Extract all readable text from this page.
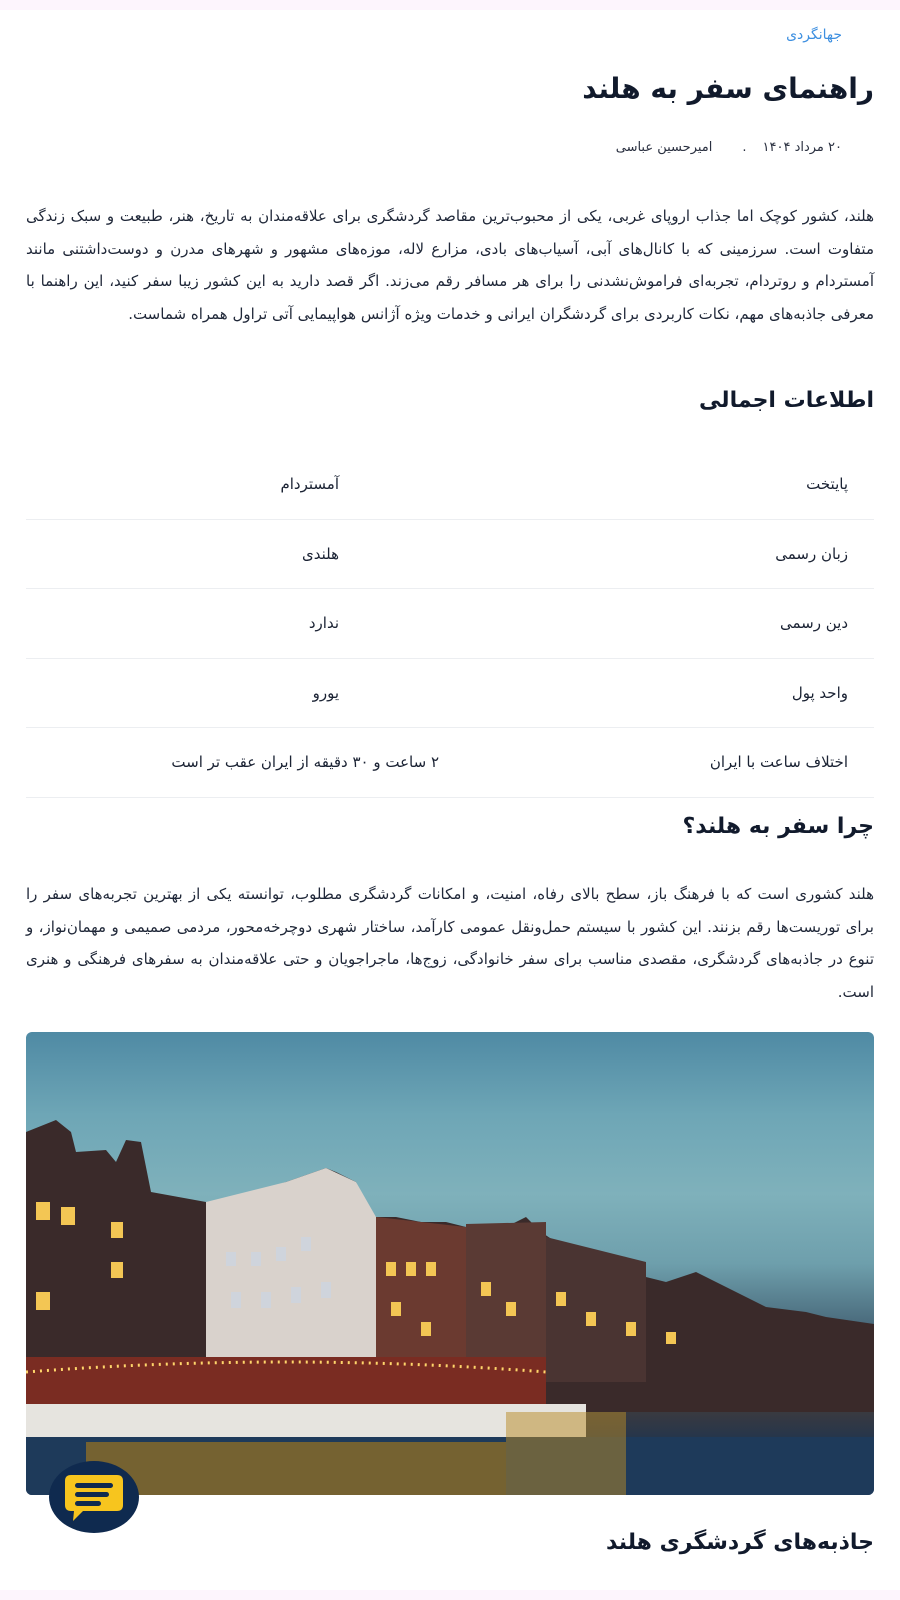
جهانگردی
راهنمای سفر به هلند
۲۰ مرداد ۱۴۰۴
.
امیرحسین عباسی

هلند، کشور کوچک اما جذاب اروپای غربی، یکی از محبوب‌ترین مقاصد گردشگری برای علاقه‌مندان به تاریخ، هنر، طبیعت و سبک زندگی متفاوت است. سرزمینی که با کانال‌های آبی، آسیاب‌های بادی، مزارع لاله، موزه‌های مشهور و شهرهای مدرن و دوست‌داشتنی مانند آمستردام و روتردام، تجربه‌ای فراموش‌نشدنی را برای هر مسافر رقم می‌زند. اگر قصد دارید به این کشور زیبا سفر کنید، این راهنما با معرفی جاذبه‌های مهم، نکات کاربردی برای گردشگران ایرانی و خدمات ویژه آژانس هواپیمایی آتی تراول همراه شماست.

اطلاعات اجمالی
پایتخت
آمستردام
زبان رسمی
هلندی
دین رسمی
ندارد
واحد پول
یورو
اختلاف ساعت با ایران
۲ ساعت و ۳۰ دقیقه از ایران عقب تر است
چرا سفر به هلند؟

هلند کشوری است که با فرهنگ باز، سطح بالای رفاه، امنیت، و امکانات گردشگری مطلوب، توانسته یکی از بهترین تجربه‌های سفر را برای توریست‌ها رقم بزنند. این کشور با سیستم حمل‌ونقل عمومی کارآمد، ساختار شهری دوچرخه‌محور، مردمی صمیمی و مهمان‌نواز، و تنوع در جاذبه‌های گردشگری، مقصدی مناسب برای سفر خانوادگی، زوج‌ها، ماجراجویان و حتی علاقه‌مندان به سفرهای فرهنگی و هنری است.

جاذبه‌های گردشگری هلند
